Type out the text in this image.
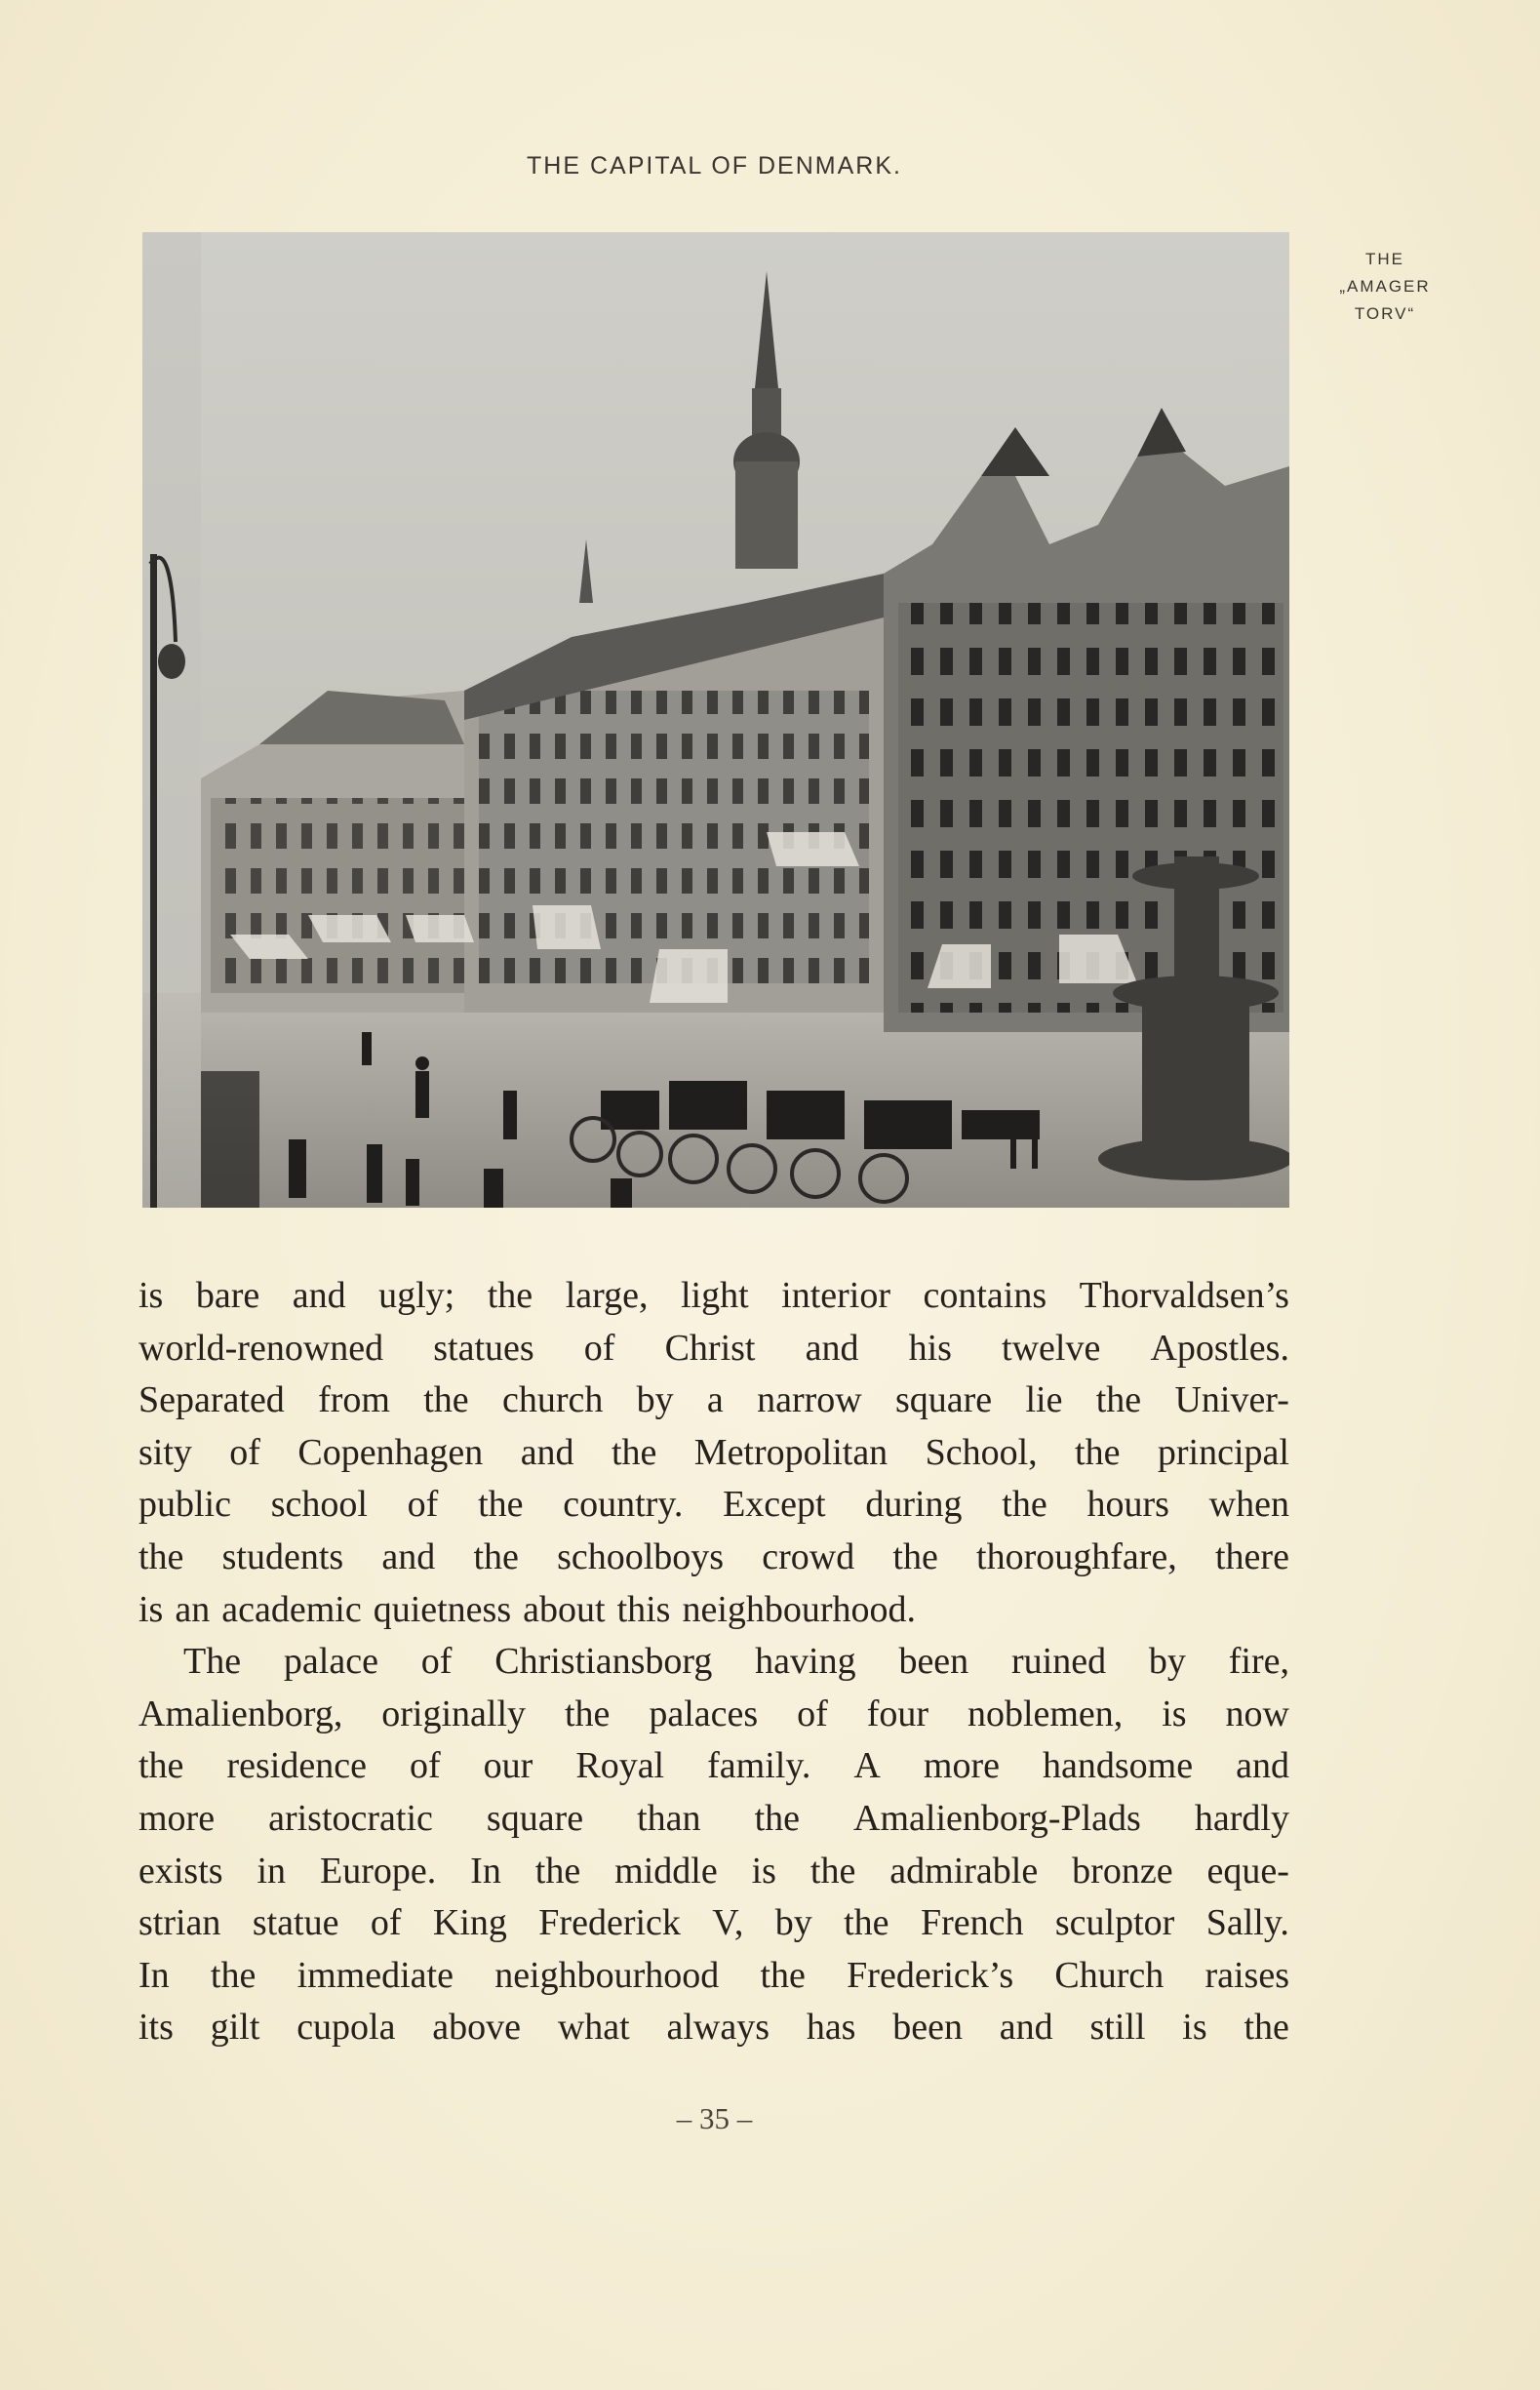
THE CAPITAL OF DENMARK.
THE
„AMAGER
TORV“
is bare and ugly; the large, light interior contains Thorvaldsen’s
world-renowned statues of Christ and his twelve Apostles.
Separated from the church by a narrow square lie the Univer-
sity of Copenhagen and the Metropolitan School, the principal
public school of the country. Except during the hours when
the students and the schoolboys crowd the thoroughfare, there
is an academic quietness about this neighbourhood.
The palace of Christiansborg having been ruined by fire,
Amalienborg, originally the palaces of four noblemen, is now
the residence of our Royal family. A more handsome and
more aristocratic square than the Amalienborg-Plads hardly
exists in Europe. In the middle is the admirable bronze eque-
strian statue of King Frederick V, by the French sculptor Sally.
In the immediate neighbourhood the Frederick’s Church raises
its gilt cupola above what always has been and still is the
– 35 –
